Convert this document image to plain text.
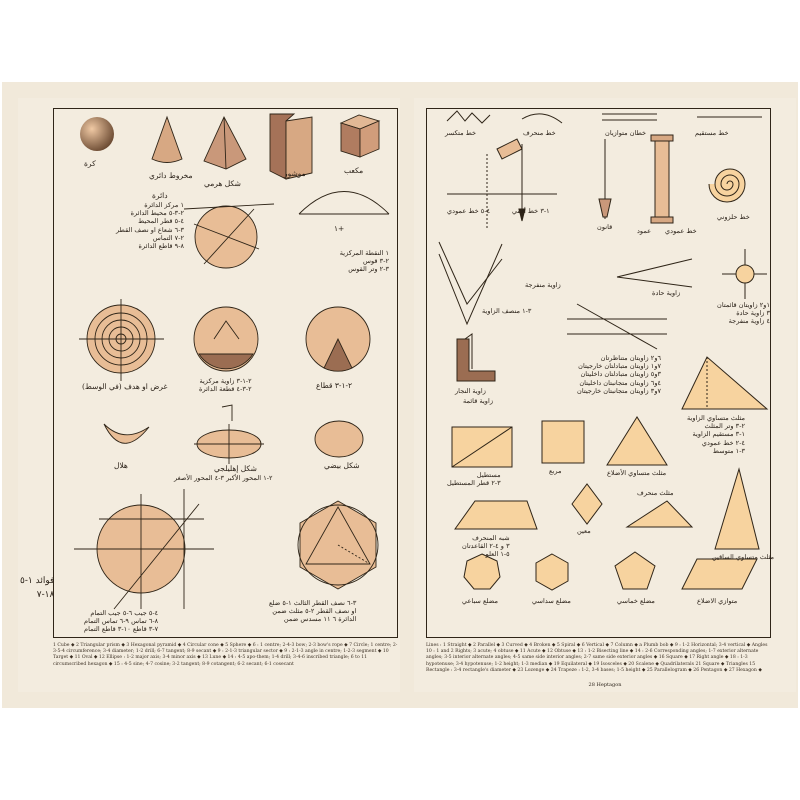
كرة
مخروط دائري
شكل هرمي
موشور	مكعب
دائرة
١ مركز الدائرة
٢-٣-٥ محيط الدائرة
٤-٥ قطر المحيط
٣-٦ شعاع او نصف القطر
٢-٧ التماس
٨-٩ قاطع الدائرة
+١
١ النقطة المركزية
٢-٣ قوس
٣-٢ وتر القوس
غرض او هدف (في الوسط)
٢-١-٣ زاوية مركزية
٢-٣-٤ قطعة الدائرة	٢-١-٣ قطاع
هلال	شكل إهليلجي
٢-١ المحور الأكبر ٣-٤ المحور الأصغر
شكل بيضي
٤-٥ جيب ٦-٥ جيب التمام
٨-٦ تماس ٩-٦ تماس التمام
٧-٣ قاطع ١٠-٣ قاطع التمام
٣-٦ نصف القطر الثالث ١-٥ ضلع
او نصف القطر ٢-٥ مثلث ضمن
الدائرة ٦ ١١ مسدس ضمن
فوائد ١-٥
١٨-٧
1 Cube ◆ 2 Triangular prism ◆ 3 Hexagonal pyramid ◆ 4 Circular cone ◆ 5 Sphere ◆ 6 : 1 centre; 2-4-3 bow; 2-3 bow's rope ◆ 7 Circle; 1 centre; 2-3-5-4 circumference; 3-4 diameter; 1-2 drill; 6-7 tangent; 8-9 secant ◆ 9 : 2-1-3 triangular sector ◆ 9 : 2-1-3 angle in centre; 1-2-3 segment ◆ 10 Target ◆ 11 Oval ◆ 12 Ellipse : 1-2 major axis; 3-4 minor axis ◆ 13 Lune ◆ 14 : 4-5 apo-them; 1-4 drill; 3-4-6 inscribed triangle; 6 to 11 circumscribed hexagon ◆ 15 : 4-5 sine; 4-7 cosine; 3-2 tangent; 8-9 cotangent; 6-2 secant; 6-1 cosecant
خط مستقيم
خطان متوازيان
خط منحرف
خط متكسر
خط حلزوني
خط عمودي
عمود
قانون
١-٣ خط أفقي
٤-٥ خط عمودي
زاوية منفرجة
زاوية حادة
١و٢ زاويتان قائمتان
٣ زاوية حادة
٤ زاوية منفرجة
٣-١ منصف الزاوية
٦و٢ زاويتان متناظرتان
٧و١ زاويتان متبادلتان خارجيتان
٣و٥ زاويتان متبادلتان داخليتان
٤و٦ زاويتان متجانبتان داخليتان
٧و٣ زاويتان متجانبتان خارجيتان
زاوية النجار
زاوية قائمة
مثلث متساوي الزاوية
٢-٣ وتر المثلث
١-٣ مستقيم الزاوية
٤-٢ خط عمودي
٣-١ متوسط
مستطيل
٣-٢ قطر المستطيل
مربع	مثلث متساوي الأضلاع
شبه المنحرف
٣ و ٤-٢ القاعدتان
٥-١ العلو
معين
مثلث منحرف
مثلث متساوي الساقين
مضلع سباعي	مضلع سداسي	مضلع خماسي	متوازي الاضلاع
Lines : 1 Straight ◆ 2 Parallel ◆ 3 Curved ◆ 4 Broken ◆ 5 Spiral ◆ 6 Vertical ◆ 7 Column ◆ a Plumb bob ◆ 9 : 1-2 Horizontal; 3-4 vertical ◆ Angles 10 : 1 and 2 Rights; 3 acute; 4 obtuse ◆ 11 Acute ◆ 12 Obtuse ◆ 13 : 1-2 Bisecting line ◆ 14 : 2-6 Corresponding angles; 1-7 exterior alternate angles; 3-5 interior alternate angles; 4-5 same side interior angles; 2-7 same side exterior angles ◆ 16 Square ◆ 17 Right angle ◆ 18 : 1-3 hypotenuse; 3-4 hypotenuse; 1-2 height; 1-3 median ◆ 19 Equilateral ◆ 19 Isosceles ◆ 20 Scalene ◆ Quadrilaterals 21 Square ◆ Triangles 15 Rectangle : 3-4 rectangle's diameter ◆ 23 Lozenge ◆ 24 Trapeze : 1-2, 3-4 bases; 1-5 height ◆ 25 Parallelogram ◆ 26 Pentagon ◆ 27 Hexagon ◆
28 Heptagon
